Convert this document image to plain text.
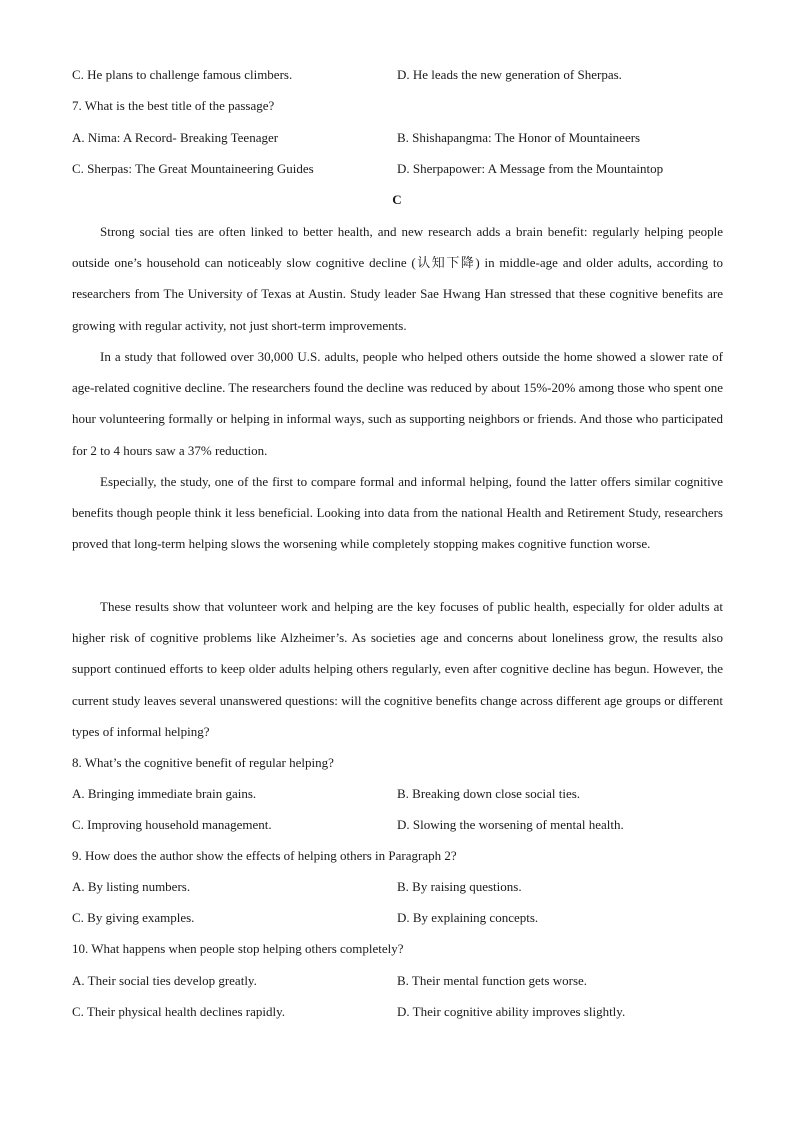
C. He plans to challenge famous climbers.	D. He leads the new generation of Sherpas.
7. What is the best title of the passage?
A. Nima: A Record- Breaking Teenager	B. Shishapangma: The Honor of Mountaineers
C. Sherpas: The Great Mountaineering Guides	D. Sherpapower: A Message from the Mountaintop
C

Strong social ties are often linked to better health, and new research adds a brain benefit: regularly helping people outside one’s household can noticeably slow cognitive decline (认知下降) in middle-age and older adults, according to researchers from The University of Texas at Austin. Study leader Sae Hwang Han stressed that these cognitive benefits are growing with regular activity, not just short-term improvements.

In a study that followed over 30,000 U.S. adults, people who helped others outside the home showed a slower rate of age-related cognitive decline. The researchers found the decline was reduced by about 15%-20% among those who spent one hour volunteering formally or helping in informal ways, such as supporting neighbors or friends. And those who participated for 2 to 4 hours saw a 37% reduction.

Especially, the study, one of the first to compare formal and informal helping, found the latter offers similar cognitive benefits though people think it less beneficial. Looking into data from the national Health and Retirement Study, researchers proved that long-term helping slows the worsening while completely stopping makes cognitive function worse.

These results show that volunteer work and helping are the key focuses of public health, especially for older adults at higher risk of cognitive problems like Alzheimer’s. As societies age and concerns about loneliness grow, the results also support continued efforts to keep older adults helping others regularly, even after cognitive decline has begun. However, the current study leaves several unanswered questions: will the cognitive benefits change across different age groups or different types of informal helping?

8. What’s the cognitive benefit of regular helping?
A. Bringing immediate brain gains.	B. Breaking down close social ties.
C. Improving household management.	D. Slowing the worsening of mental health.
9. How does the author show the effects of helping others in Paragraph 2?
A. By listing numbers.	B. By raising questions.
C. By giving examples.	D. By explaining concepts.
10. What happens when people stop helping others completely?
A. Their social ties develop greatly.	B. Their mental function gets worse.
C. Their physical health declines rapidly.	D. Their cognitive ability improves slightly.
